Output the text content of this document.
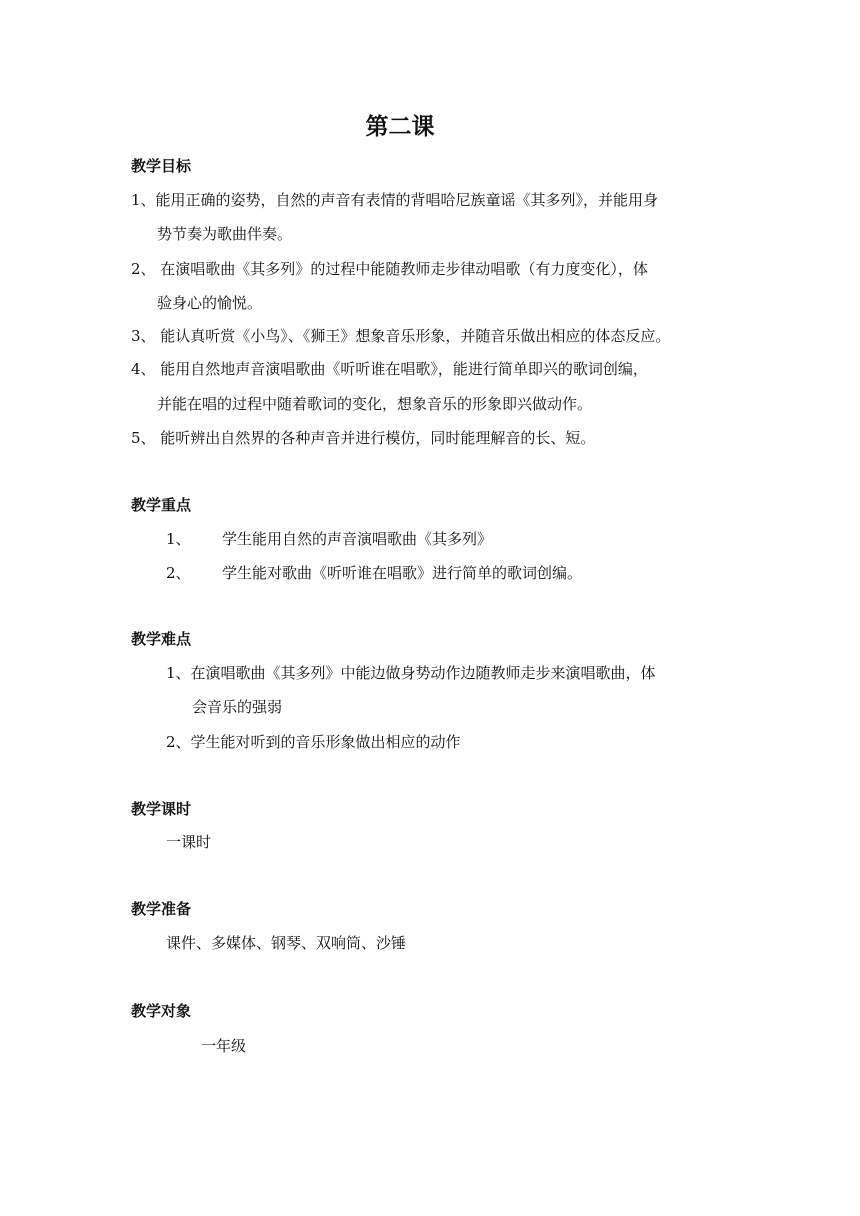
第二课
教学目标
1、能用正确的姿势，自然的声音有表情的背唱哈尼族童谣《其多列》，并能用身
势节奏为歌曲伴奏。
2、 在演唱歌曲《其多列》的过程中能随教师走步律动唱歌（有力度变化），体
验身心的愉悦。
3、 能认真听赏《小鸟》、《狮王》想象音乐形象，并随音乐做出相应的体态反应。
4、 能用自然地声音演唱歌曲《听听谁在唱歌》，能进行简单即兴的歌词创编，
并能在唱的过程中随着歌词的变化，想象音乐的形象即兴做动作。
5、 能听辨出自然界的各种声音并进行模仿，同时能理解音的长、短。
教学重点
1、 学生能用自然的声音演唱歌曲《其多列》
2、 学生能对歌曲《听听谁在唱歌》进行简单的歌词创编。
教学难点
1、在演唱歌曲《其多列》中能边做身势动作边随教师走步来演唱歌曲，体
会音乐的强弱
2、学生能对听到的音乐形象做出相应的动作
教学课时
一课时
教学准备
课件、多媒体、钢琴、双响筒、沙锤
教学对象
一年级
